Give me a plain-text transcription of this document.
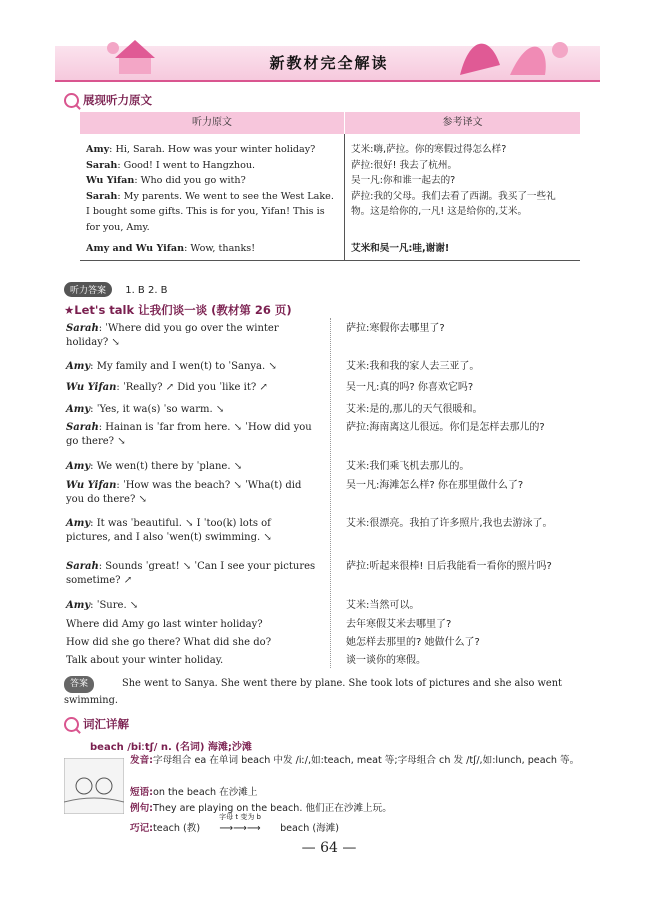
新教材完全解读
展现听力原文
听力原文	参考译文
Amy: Hi, Sarah. How was your winter holiday?	艾米:嗨,萨拉。你的寒假过得怎么样?
Sarah: Good! I went to Hangzhou.	萨拉:很好! 我去了杭州。
Wu Yifan: Who did you go with?	吴一凡:你和谁一起去的?
Sarah: My parents. We went to see the West Lake. I bought some gifts. This is for you, Yifan! This is for you, Amy.	萨拉:我的父母。我们去看了西湖。我买了一些礼物。这是给你的,一凡! 这是给你的,艾米。
Amy and Wu Yifan: Wow, thanks!	艾米和吴一凡:哇,谢谢!
听力答案 1. B 2. B
★Let's talk 让我们谈一谈 (教材第 26 页)
Sarah: ˈWhere did you go over the winter holiday? ↘
萨拉:寒假你去哪里了?
Amy: My family and I wen(t) to ˈSanya. ↘	艾米:我和我的家人去三亚了。
Wu Yifan: ˈReally? ↗ Did you ˈlike it? ↗	吴一凡:真的吗? 你喜欢它吗?
Amy: ˈYes, it wa(s) ˈso warm. ↘	艾米:是的,那儿的天气很暖和。
Sarah: Hainan is ˈfar from here. ↘ ˈHow did you go there? ↘
萨拉:海南离这儿很远。你们是怎样去那儿的?
Amy: We wen(t) there by ˈplane. ↘	艾米:我们乘飞机去那儿的。
Wu Yifan: ˈHow was the beach? ↘ ˈWha(t) did you do there? ↘
吴一凡:海滩怎么样? 你在那里做什么了?
Amy: It was ˈbeautiful. ↘ I ˈtoo(k) lots of pictures, and I also ˈwen(t) swimming. ↘
艾米:很漂亮。我拍了许多照片,我也去游泳了。
Sarah: Sounds ˈgreat! ↘ ˈCan I see your pictures sometime? ↗
萨拉:听起来很棒! 日后我能看一看你的照片吗?
Amy: ˈSure. ↘	艾米:当然可以。
Where did Amy go last winter holiday?	去年寒假艾米去哪里了?
How did she go there? What did she do?	她怎样去那里的? 她做什么了?
Talk about your winter holiday.	谈一谈你的寒假。
答案	She went to Sanya. She went there by plane. She took lots of pictures and she also went swimming.
词汇详解
beach /biːtʃ/ n. (名词) 海滩;沙滩
发音:字母组合 ea 在单词 beach 中发 /iː/,如:teach, meat 等;字母组合 ch 发 /tʃ/,如:lunch, peach 等。
短语:on the beach 在沙滩上
例句:They are playing on the beach. 他们正在沙滩上玩。
巧记:teach (教)
字母 t 变为 b
⟶⟶⟶ beach (海滩)
— 64 —
